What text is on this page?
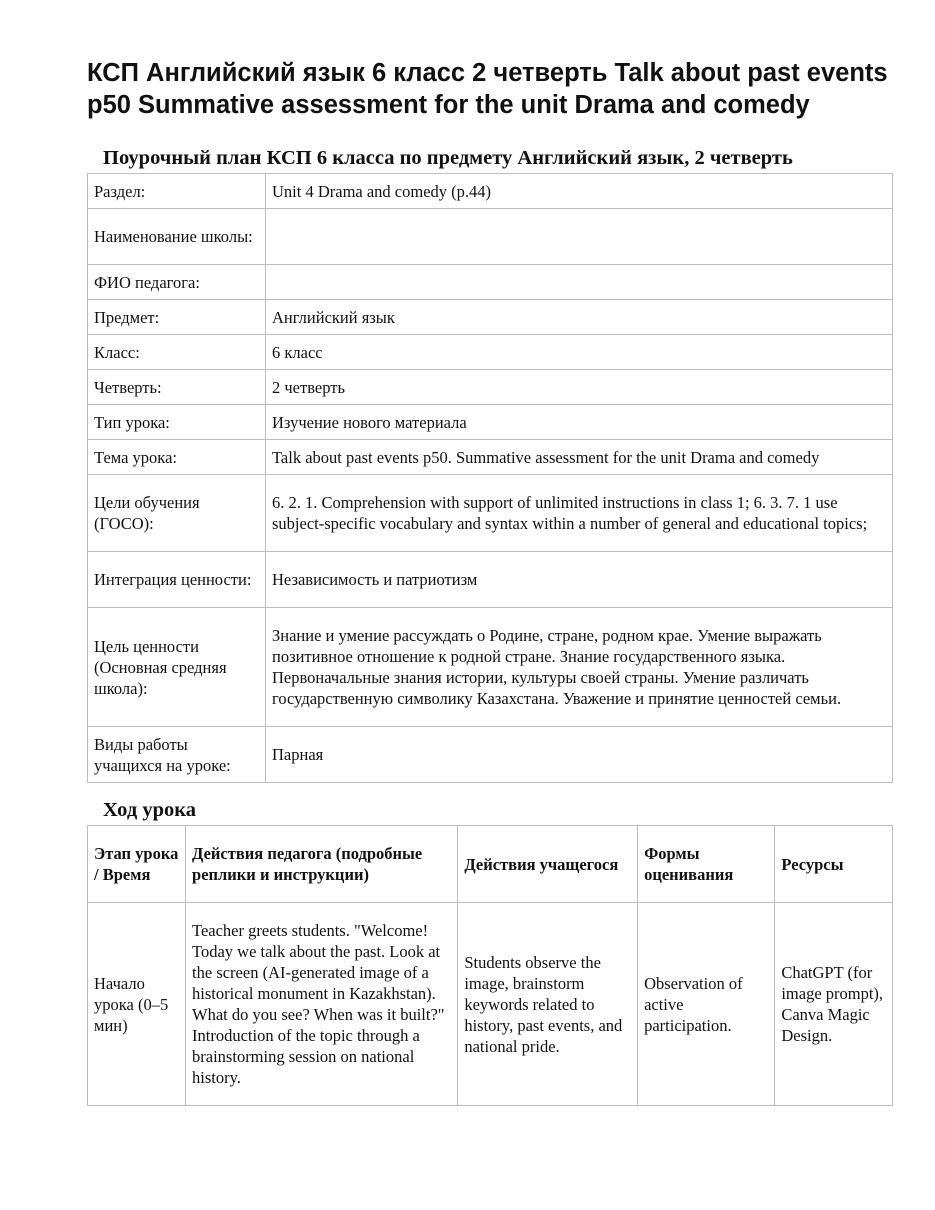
КСП Английский язык 6 класс 2 четверть Talk about past events p50 Summative assessment for the unit Drama and comedy
Поурочный план КСП 6 класса по предмету Английский язык, 2 четверть
Раздел:	Unit 4 Drama and comedy (p.44)
Наименование школы:	
ФИО педагога:	
Предмет:	Английский язык
Класс:	6 класс
Четверть:	2 четверть
Тип урока:	Изучение нового материала
Тема урока:	Talk about past events p50. Summative assessment for the unit Drama and comedy
Цели обучения (ГОСО):	6. 2. 1. Comprehension with support of unlimited instructions in class 1; 6. 3. 7. 1 use subject-specific vocabulary and syntax within a number of general and educational topics;
Интеграция ценности:	Независимость и патриотизм
Цель ценности (Основная средняя школа):	Знание и умение рассуждать о Родине, стране, родном крае. Умение выражать позитивное отношение к родной стране. Знание государственного языка. Первоначальные знания истории, культуры своей страны. Умение различать государственную символику Казахстана. Уважение и принятие ценностей семьи.
Виды работы учащихся на уроке:	Парная
Ход урока
Этап урока / Время	Действия педагога (подробные реплики и инструкции)	Действия учащегося	Формы оценивания	Ресурсы
Начало урока (0–5 мин)	Teacher greets students. "Welcome! Today we talk about the past. Look at the screen (AI-generated image of a historical monument in Kazakhstan). What do you see? When was it built?" Introduction of the topic through a brainstorming session on national history.	Students observe the image, brainstorm keywords related to history, past events, and national pride.	Observation of active participation.	ChatGPT (for image prompt), Canva Magic Design.
